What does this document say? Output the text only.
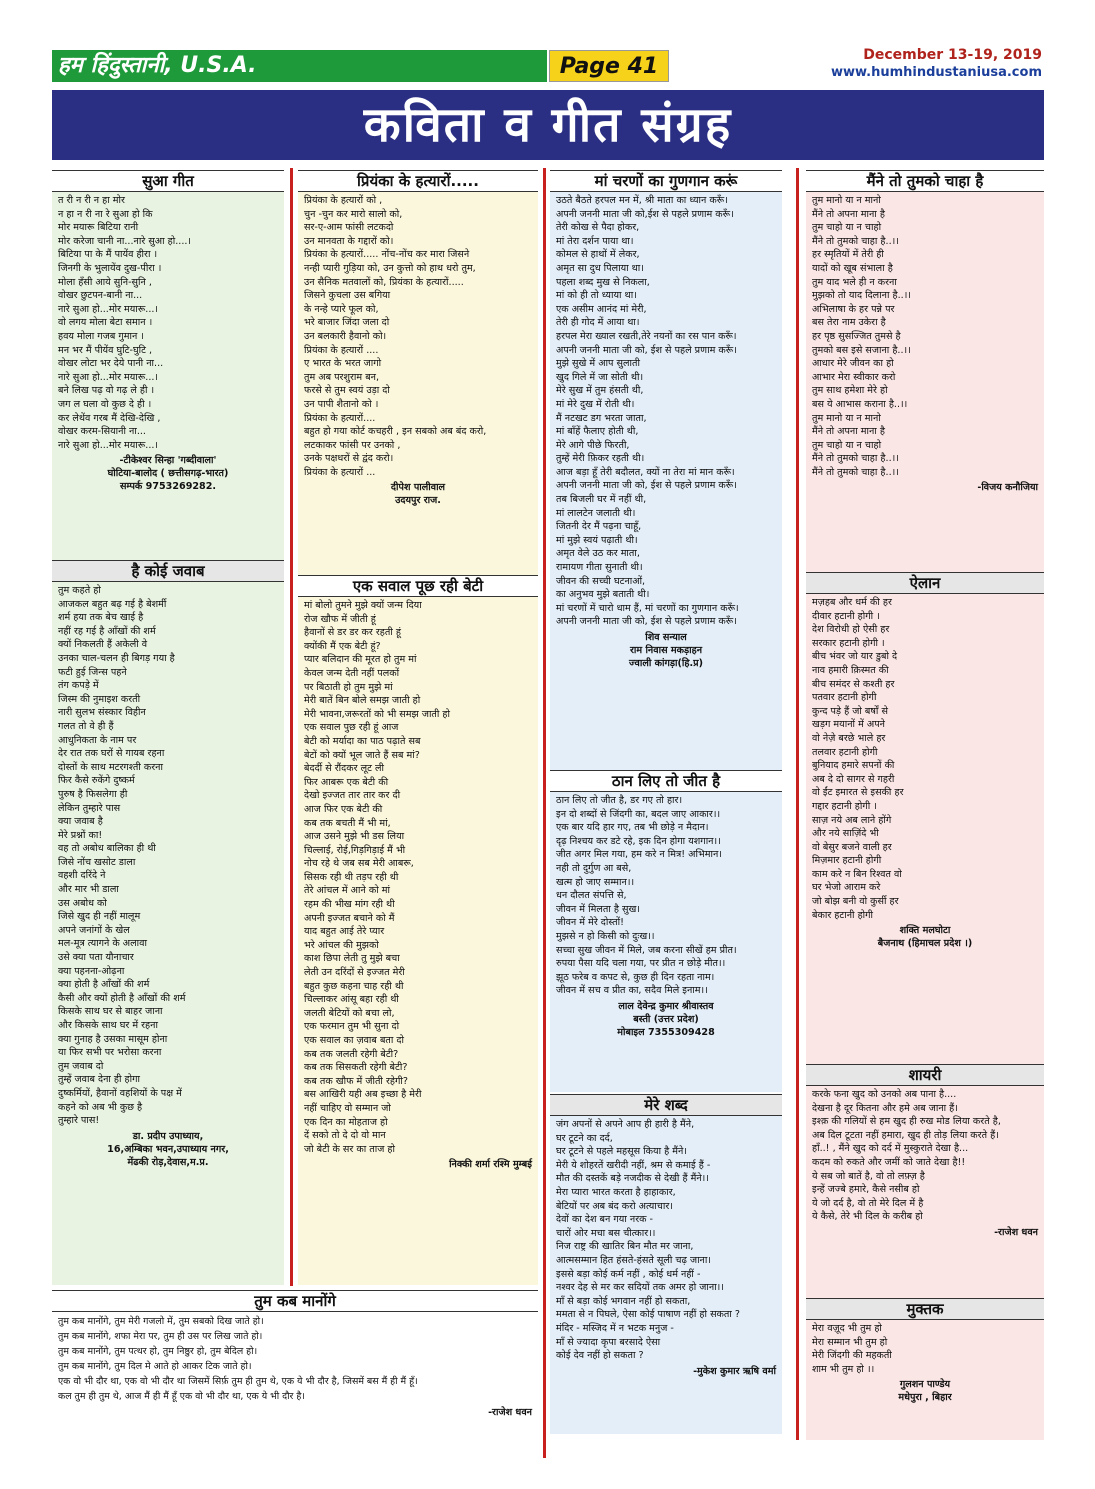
हम हिंदुस्तानी, U.S.A.	Page 41	December 13-19, 2019
www.humhindustaniusa.com
कविता व गीत संग्रह
सुआ गीत
त री न री न हा मोर
न हा न री ना रे सुआ हो कि
मोर मयारू बिटिया रानी
मोर करेजा चानी ना...नारे सुआ हो....।
बिटिया पा के मैं पायेंव हीरा ।
जिनगी के भुलायेंव दुख-पीरा ।
मोला हँसी आये सुनि-सुनि ,
वोखर छुटपन-बानी ना...
नारे सुआ हो...मोर मयारू...।
वो लगय मोला बेटा समान ।
हवय मोला गजब गुमान ।
मन भर मैं पीयेंव घुटि-घुटि ,
वोखर लोटा भर देये पानी ना...
नारे सुआ हो...मोर मयारू...।
बने लिख पढ़ वो गढ़ ले ही ।
जग ल घला वो कुछ दे ही ।
कर लेथेंव गरब मैं देखि-देखि ,
वोखर करम-सियानी ना...
नारे सुआ हो...मोर मयारू...।
-टीकेश्वर सिन्हा 'गब्दीवाला'
घोटिया-बालोद ( छत्तीसगढ़-भारत)
सम्पर्क 9753269282.
है कोई जवाब
तुम कहते हो
आजकल बहुत बढ़ गई है बेशर्मी
शर्म हया तक बेच खाई है
नहीं रह गई है आँखों की शर्म
क्यों निकलती हैं अकेली वे
उनका चाल-चलन ही बिगड़ गया है
फटी हुई जिन्स पहने
तंग कपड़े में
जिस्म की नुमाइश करती
नारी सुलभ संस्कार विहीन
गलत तो वे ही हैं
आधुनिकता के नाम पर
देर रात तक घरों से गायब रहना
दोस्तों के साथ मटरगश्ती करना
फिर कैसे रुकेंगे दुष्कर्म
पुरुष है फिसलेगा ही
लेकिन तुम्हारे पास
क्या जवाब है
मेरे प्रश्नों का!
वह तो अबोध बालिका ही थी
जिसे नोंच खसोट डाला
वहशी दरिंदे ने
और मार भी डाला
उस अबोध को
जिसे खुद ही नहीं मालूम
अपने जनांगों के खेल
मल-मूत्र त्यागने के अलावा
उसे क्या पता यौनाचार
क्या पहनना-ओढ़ना
क्या होती है आँखों की शर्म
कैसी और क्यों होती है आँखों की शर्म
किसके साथ घर से बाहर जाना
और किसके साथ घर में रहना
क्या गुनाह है उसका मासूम होना
या फिर सभी पर भरोसा करना
तुम जवाब दो
तुम्हें जवाब देना ही होगा
दुष्कर्मियों, हैवानों वहशियों के पक्ष में
कहने को अब भी कुछ है
तुम्हारे पास!
डा. प्रदीप उपाध्याय,
16,अम्बिका भवन,उपाध्याय नगर,
मेंढकी रोड़,देवास,म.प्र.
प्रियंका के हत्यारों.....
प्रियंका के हत्यारों को ,
चुन -चुन कर मारो सालो को,
सर-ए-आम फांसी लटकदो
उन मानवता के गद्दारों को।
प्रियंका के हत्यारों..... नोंच-नोंच कर मारा जिसने
नन्ही प्यारी गुड़िया को, उन कुत्तो को हाथ धरो तुम,
उन सैनिक मतवालों को, प्रियंका के हत्यारों.....
जिसने कुचला उस बगिया
के नन्हे प्यारे फूल को,
भरे बाजार जिंदा जला दो
उन बलकारी हैवानो को।
प्रियंका के हत्यारों ....
ए भारत के भरत जागो
तुम अब परशुराम बन,
फरसे से तुम स्वयं उड़ा दो
उन पापी शैतानो को ।
प्रियंका के हत्यारों....
बहुत हो गया कोर्ट कचहरी , इन सबको अब बंद करो,
लटकाकर फांसी पर उनको ,
उनके पक्षधरों से द्वंद करो।
प्रियंका के हत्यारों ...
दीपेश पालीवाल
उदयपुर राज.
एक सवाल पूछ रही बेटी
मां बोलो तुमने मुझे क्यों जन्म दिया
रोज खौफ में जीती हूं
हैवानों से डर डर कर रहती हूं
क्योंकी मैं एक बेटी हूं?
प्यार बलिदान की मूरत हो तुम मां
केवल जन्म देती नहीं पलकों
पर बिठाती हो तुम मुझे मां
मेरी बातें बिन बोले समझ जाती हो
मेरी भावना,जरूरतों को भी समझ जाती हो
एक सवाल पुछ रही हूं आज
बेटी को मर्यादा का पाठ पढ़ाते सब
बेटों को क्यों भूल जाते हैं सब मां?
बेदर्दी से रौंदकर लूट ली
फिर आबरू एक बेटी की
देखो इज्जत तार तार कर दी
आज फिर एक बेटी की
कब तक बचती मैं भी मां,
आज उसने मुझे भी डस लिया
चिल्लाई, रोई,गिड़गिड़ाई मैं भी
नोच रहे थे जब सब मेरी आबरू,
सिसक रही थी तड़प रही थी
तेरे आंचल में आने को मां
रहम की भीख मांग रही थी
अपनी इज्जत बचाने को मैं
याद बहुत आई तेरे प्यार
भरे आंचल की मुझको
काश छिपा लेती तु मुझे बचा
लेती उन दरिंदों से इज्जत मेरी
बहुत कुछ कहना चाह रही थी
चिल्लाकर आंसू बहा रही थी
जलती बेटियों को बचा लो,
एक फरमान तुम भी सुना दो
एक सवाल का ज़वाब बता दो
कब तक जलती रहेगी बेटी?
कब तक सिसकती रहेगी बेटी?
कब तक खौफ में जीती रहेगी?
बस आखिरी यही अब इच्छा है मेरी
नहीं चाहिए वो सम्मान जो
एक दिन का मोहताज हो
दें सको तो दे दो वो मान
जो बेटी के सर का ताज हो
निक्की शर्मा रश्मि मुम्बई
मां चरणों का गुणगान करूं
उठते बैठते हरपल मन में, श्री माता का ध्यान करूँ।
अपनी जननी माता जी को,ईश से पहले प्रणाम करूँ।
तेरी कोख से पैदा होकर,
मां तेरा दर्शन पाया था।
कोमल से हाथों में लेकर,
अमृत सा दुध पिलाया था।
पहला शब्द मुख से निकला,
मां को ही तो ध्याया था।
एक असीम आनंद मां मेरी,
तेरी ही गोद में आया था।
हरपल मेरा ख्याल रखती,तेरे नयनों का रस पान करूँ।
अपनी जननी माता जी को, ईश से पहले प्रणाम करूँ।
मुझे सुखे में आप सुलाती
खुद गिले में जा सोती थी।
मेरे सुख में तुम हंसती थी,
मां मेरे दुख में रोती थी।
मैं नटखट डग भरता जाता,
मां बाँहें फैलाए होती थी,
मेरे आगे पीछे फिरती,
तुम्हें मेरी फ़िकर रहती थी।
आज बड़ा हूँ तेरी बदौलत, क्यों ना तेरा मां मान करूँ।
अपनी जननी माता जी को, ईश से पहले प्रणाम करूँ।
तब बिजली घर में नहीं थी,
मां लालटेन जलाती थी।
जितनी देर मैं पढ़ना चाहूँ,
मां मुझे स्वयं पढ़ाती थी।
अमृत वेले उठ कर माता,
रामायण गीता सुनाती थी।
जीवन की सच्ची घटनाओं,
का अनुभव मुझे बताती थी।
मां चरणों में चारो धाम हैं, मां चरणों का गुणगान करूँ।
अपनी जननी माता जी को, ईश से पहले प्रणाम करूँ।
शिव सन्याल
राम निवास मकड़ाहन
ज्वाली कांगड़ा(हि.प्र)
ठान लिए तो जीत है
ठान लिए तो जीत है, डर गए तो हार।
इन दो शब्दों से जिंदगी का, बदल जाए आकार।।
एक बार यदि हार गए, तब भी छोड़े न मैदान।
दृढ़ निश्चय कर डटे रहे, इक दिन होगा यशगान।।
जीत अगर मिल गया, हम करे न मित्र! अभिमान।
नही तो दुर्गुण आ बसे,
खत्म हो जाए सम्मान।।
धन दौलत संपत्ति से,
जीवन में मिलता है सुख।
जीवन में मेरे दोस्तों!
मुझसे न हो किसी को दुःख।।
सच्चा सुख जीवन में मिले, जब करना सीखें हम प्रीत।
रुपया पैसा यदि चला गया, पर प्रीत न छोड़े मीत।।
झूठ फरेब व कपट से, कुछ ही दिन रहता नाम।
जीवन में सच व प्रीत का, सदैव मिले इनाम।।
लाल देवेन्द्र कुमार श्रीवास्तव
बस्ती (उत्तर प्रदेश)
मोबाइल 7355309428
मेरे शब्द
जंग अपनों से अपने आप ही हारी है मैंने,
घर टूटने का दर्द,
घर टूटने से पहले महसूस किया है मैंने।
मेरी ये शोहरतें खरीदी नहीं, श्रम से कमाई हैं -
मौत की दस्तकें बड़े नजदीक से देखी हैं मैंने।।
मेरा प्यारा भारत करता है हाहाकार,
बेटियों पर अब बंद करो अत्याचार।
देवों का देश बन गया नरक -
चारों ओर मचा बस चीत्कार।।
निज राष्ट्र की खातिर बिन मौत मर जाना,
आत्मसम्मान हित हंसते-हंसते सूली चढ़ जाना।
इससे बड़ा कोई कर्म नहीं , कोई धर्म नहीं -
नश्वर देह से मर कर सदियों तक अमर हो जाना।।
माँ से बड़ा कोई भगवान नहीं हो सकता,
ममता से न पिघले, ऐसा कोई पाषाण नहीं हो सकता ?
मंदिर - मस्जिद में न भटक मनुज -
माँ से ज्यादा कृपा बरसादे ऐसा
कोई देव नहीं हो सकता ?
-मुकेश कुमार ऋषि वर्मा
मैंने तो तुमको चाहा है
तुम मानो या न मानो
मैंने तो अपना माना है
तुम चाहो या न चाहो
मैंने तो तुमको चाहा है..।।
हर स्मृतियों में तेरी ही
यादों को खूब संभाला है
तुम याद भले ही न करना
मुझको तो याद दिलाना है..।।
अभिलाषा के हर पन्ने पर
बस तेरा नाम उकेरा है
हर पृष्ठ सुसज्जित तुमसे है
तुमको बस इसे सजाना है..।।
आधार मेरे जीवन का हो
आभार मेरा स्वीकार करो
तुम साथ हमेशा मेरे हो
बस ये आभास कराना है..।।
तुम मानो या न मानो
मैंने तो अपना माना है
तुम चाहो या न चाहो
मैंने तो तुमको चाहा है..।।
मैंने तो तुमको चाहा है..।।
-विजय कनौजिया
ऐलान
मज़हब और धर्म की हर
दीवार हटानी होगी ।
देश विरोधी हो ऐसी हर
सरकार हटानी होगी ।
बीच भंवर जो यार डुबो दे
नाव हमारी क़िस्मत की
बीच समंदर से कश्ती हर
पतवार हटानी होगी
कुन्द पड़े हैं जो बर्षों से
खड़ग मयानों में अपने
वो नेज़े बरछे भाले हर
तलवार हटानी होगी
बुनियाद हमारे सपनों की
अब दे दो सागर से गहरी
वो ईंट इमारत से इसकी हर
गद्दार हटानी होगी ।
साज़ नये अब लाने होंगे
और नये साज़िंदे भी
वो बेसुर बजने वाली हर
मिज़मार हटानी होगी
काम करे न बिन रिश्वत वो
घर भेजो आराम करे
जो बोझ बनी वो कुर्सी हर
बेकार हटानी होगी
शक्ति मलघोटा
बैजनाथ (हिमाचल प्रदेश ।)
शायरी
करके फना खुद को उनको अब पाना है....
देखना है दूर कितना और हमे अब जाना हैं।
इश्क़ की गलियों से हम खुद ही रुख मोड लिया करते है,
अब दिल टूटता नहीं हमारा, खुद ही तोड़ लिया करते हैं।
हाँ..! , मैंने खुद को दर्द में मुस्कुराते देखा है...
कदम को रुकते और जमीं को जाते देखा है!!
ये सब जो बातें है, वो तो लफ़्ज़ है
इन्हें जज्बे हमारे, कैसे नसीब हो
ये जो दर्द है, वो तो मेरे दिल में है
ये कैसे, तेरे भी दिल के करीब हो
-राजेश धवन
मुक्तक
मेरा वज़ूद भी तुम हो
मेरा सम्मान भी तुम हो
मेरी जिंदगी की महकती
शाम भी तुम हो ।।
गुलशन पाण्डेय
मधेपुरा , बिहार
तुम कब मानोंगे
तुम कब मानोंगे, तुम मेरी गजलो में, तुम सबको दिख जाते हो।
तुम कब मानोंगे, शफा मेरा पर, तुम ही उस पर लिख जाते हो।
तुम कब मानोंगे, तुम पत्थर हो, तुम निष्ठुर हो, तुम बेदिल हो।
तुम कब मानोंगे, तुम दिल मे आते हो आकर टिक जाते हो।
एक वो भी दौर था, एक वो भी दौर था जिसमें सिर्फ़ तुम ही तुम थे, एक ये भी दौर है, जिसमें बस मैं ही मैं हूँ।
कल तुम ही तुम थे, आज मैं ही मैं हूँ एक वो भी दौर था, एक ये भी दौर है।
-राजेश धवन
